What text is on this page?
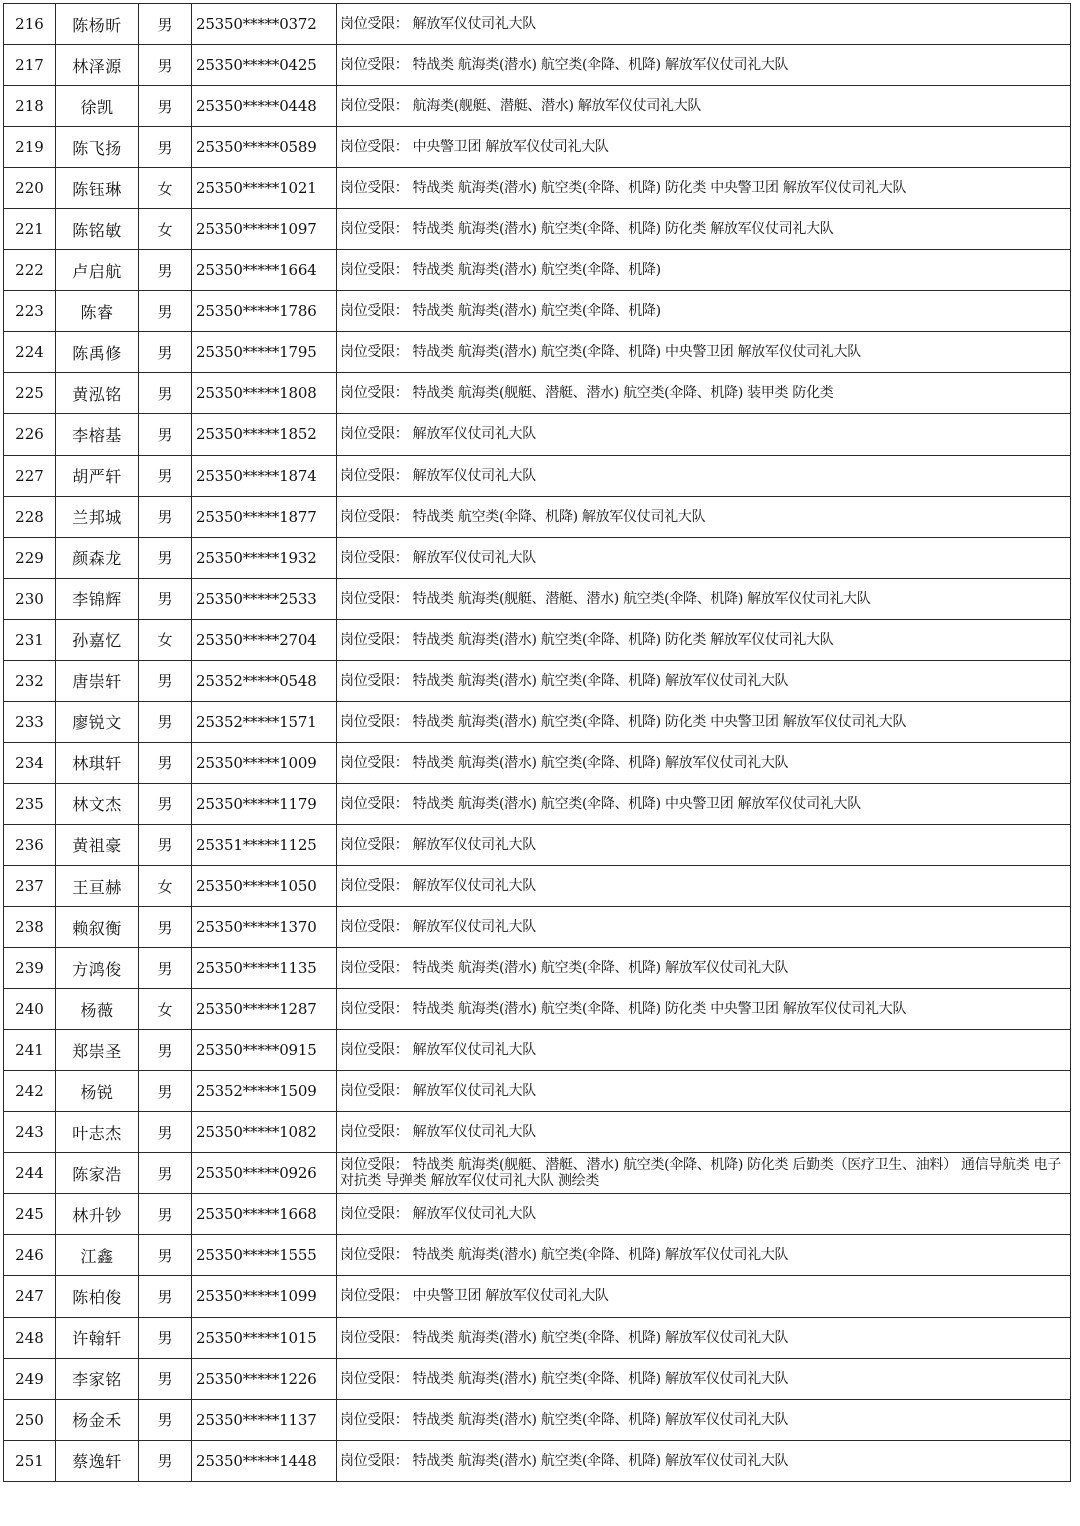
216	陈杨昕	男	25350*****0372	岗位受限： 解放军仪仗司礼大队
217	林泽源	男	25350*****0425	岗位受限： 特战类 航海类(潜水) 航空类(伞降、机降) 解放军仪仗司礼大队
218	徐凯	男	25350*****0448	岗位受限： 航海类(舰艇、潜艇、潜水) 解放军仪仗司礼大队
219	陈飞扬	男	25350*****0589	岗位受限： 中央警卫团 解放军仪仗司礼大队
220	陈钰琳	女	25350*****1021	岗位受限： 特战类 航海类(潜水) 航空类(伞降、机降) 防化类 中央警卫团 解放军仪仗司礼大队
221	陈铭敏	女	25350*****1097	岗位受限： 特战类 航海类(潜水) 航空类(伞降、机降) 防化类 解放军仪仗司礼大队
222	卢启航	男	25350*****1664	岗位受限： 特战类 航海类(潜水) 航空类(伞降、机降)
223	陈睿	男	25350*****1786	岗位受限： 特战类 航海类(潜水) 航空类(伞降、机降)
224	陈禹修	男	25350*****1795	岗位受限： 特战类 航海类(潜水) 航空类(伞降、机降) 中央警卫团 解放军仪仗司礼大队
225	黄泓铭	男	25350*****1808	岗位受限： 特战类 航海类(舰艇、潜艇、潜水) 航空类(伞降、机降) 装甲类 防化类
226	李榕基	男	25350*****1852	岗位受限： 解放军仪仗司礼大队
227	胡严轩	男	25350*****1874	岗位受限： 解放军仪仗司礼大队
228	兰邦城	男	25350*****1877	岗位受限： 特战类 航空类(伞降、机降) 解放军仪仗司礼大队
229	颜森龙	男	25350*****1932	岗位受限： 解放军仪仗司礼大队
230	李锦辉	男	25350*****2533	岗位受限： 特战类 航海类(舰艇、潜艇、潜水) 航空类(伞降、机降) 解放军仪仗司礼大队
231	孙嘉忆	女	25350*****2704	岗位受限： 特战类 航海类(潜水) 航空类(伞降、机降) 防化类 解放军仪仗司礼大队
232	唐崇轩	男	25352*****0548	岗位受限： 特战类 航海类(潜水) 航空类(伞降、机降) 解放军仪仗司礼大队
233	廖锐文	男	25352*****1571	岗位受限： 特战类 航海类(潜水) 航空类(伞降、机降) 防化类 中央警卫团 解放军仪仗司礼大队
234	林琪轩	男	25350*****1009	岗位受限： 特战类 航海类(潜水) 航空类(伞降、机降) 解放军仪仗司礼大队
235	林文杰	男	25350*****1179	岗位受限： 特战类 航海类(潜水) 航空类(伞降、机降) 中央警卫团 解放军仪仗司礼大队
236	黄祖豪	男	25351*****1125	岗位受限： 解放军仪仗司礼大队
237	王亘赫	女	25350*****1050	岗位受限： 解放军仪仗司礼大队
238	赖叙衡	男	25350*****1370	岗位受限： 解放军仪仗司礼大队
239	方鸿俊	男	25350*****1135	岗位受限： 特战类 航海类(潜水) 航空类(伞降、机降) 解放军仪仗司礼大队
240	杨薇	女	25350*****1287	岗位受限： 特战类 航海类(潜水) 航空类(伞降、机降) 防化类 中央警卫团 解放军仪仗司礼大队
241	郑崇圣	男	25350*****0915	岗位受限： 解放军仪仗司礼大队
242	杨锐	男	25352*****1509	岗位受限： 解放军仪仗司礼大队
243	叶志杰	男	25350*****1082	岗位受限： 解放军仪仗司礼大队
244	陈家浩	男	25350*****0926	岗位受限： 特战类 航海类(舰艇、潜艇、潜水) 航空类(伞降、机降) 防化类 后勤类（医疗卫生、油料） 通信导航类 电子对抗类 导弹类 解放军仪仗司礼大队 测绘类
245	林升钞	男	25350*****1668	岗位受限： 解放军仪仗司礼大队
246	江鑫	男	25350*****1555	岗位受限： 特战类 航海类(潜水) 航空类(伞降、机降) 解放军仪仗司礼大队
247	陈柏俊	男	25350*****1099	岗位受限： 中央警卫团 解放军仪仗司礼大队
248	许翰轩	男	25350*****1015	岗位受限： 特战类 航海类(潜水) 航空类(伞降、机降) 解放军仪仗司礼大队
249	李家铭	男	25350*****1226	岗位受限： 特战类 航海类(潜水) 航空类(伞降、机降) 解放军仪仗司礼大队
250	杨金禾	男	25350*****1137	岗位受限： 特战类 航海类(潜水) 航空类(伞降、机降) 解放军仪仗司礼大队
251	蔡逸轩	男	25350*****1448	岗位受限： 特战类 航海类(潜水) 航空类(伞降、机降) 解放军仪仗司礼大队
